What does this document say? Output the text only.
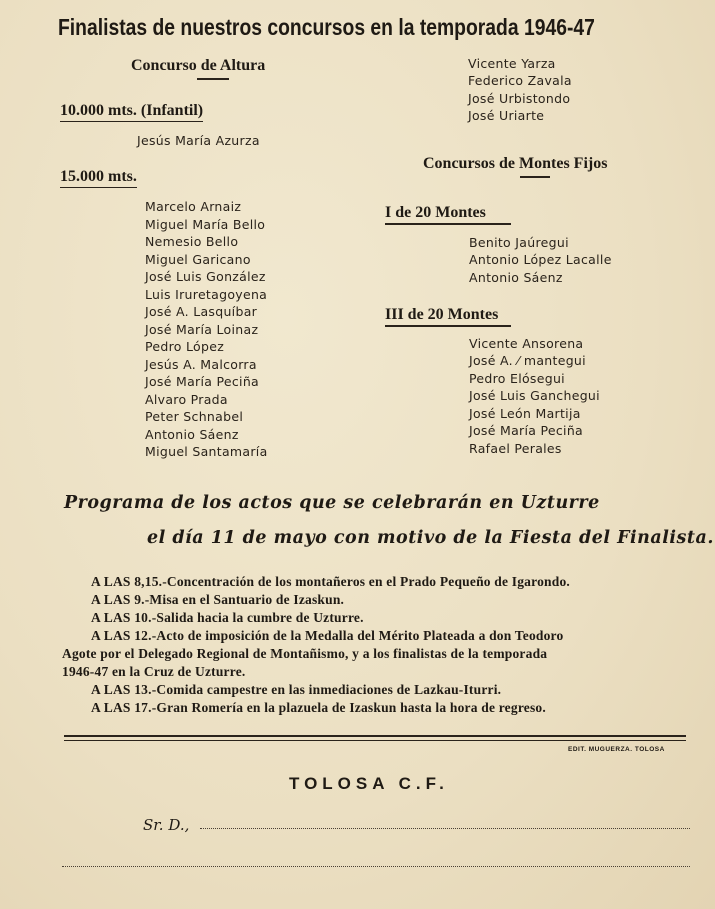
Finalistas de nuestros concursos en la temporada 1946-47
Concurso de Altura
10.000 mts. (Infantil)
Jesús María Azurza
15.000 mts.
Marcelo Arnaiz
Miguel María Bello
Nemesio Bello
Miguel Garicano
José Luis González
Luis Iruretagoyena
José A. Lasquíbar
José María Loinaz
Pedro López
Jesús A. Malcorra
José María Peciña
Alvaro Prada
Peter Schnabel
Antonio Sáenz
Miguel Santamaría
Vicente Yarza
Federico Zavala
José Urbistondo
José Uriarte
Concursos de Montes Fijos
I de 20 Montes
Benito Jaúregui
Antonio López Lacalle
Antonio Sáenz
III de 20 Montes
Vicente Ansorena
José A. ⁄ mantegui
Pedro Elósegui
José Luis Ganchegui
José León Martija
José María Peciña
Rafael Perales
Programa de los actos que se celebrarán en Uzturre
el día 11 de mayo con motivo de la Fiesta del Finalista.
A LAS 8,15.-Concentración de los montañeros en el Prado Pequeño de Igarondo.
A LAS 9.-Misa en el Santuario de Izaskun.
A LAS 10.-Salida hacia la cumbre de Uzturre.
A LAS 12.-Acto de imposición de la Medalla del Mérito Plateada a don Teodoro
Agote por el Delegado Regional de Montañismo, y a los finalistas de la temporada
1946-47 en la Cruz de Uzturre.
A LAS 13.-Comida campestre en las inmediaciones de Lazkau-Iturri.
A LAS 17.-Gran Romería en la plazuela de Izaskun hasta la hora de regreso.
EDIT. MUGUERZA. TOLOSA
TOLOSA C.F.
Sr. D.,
